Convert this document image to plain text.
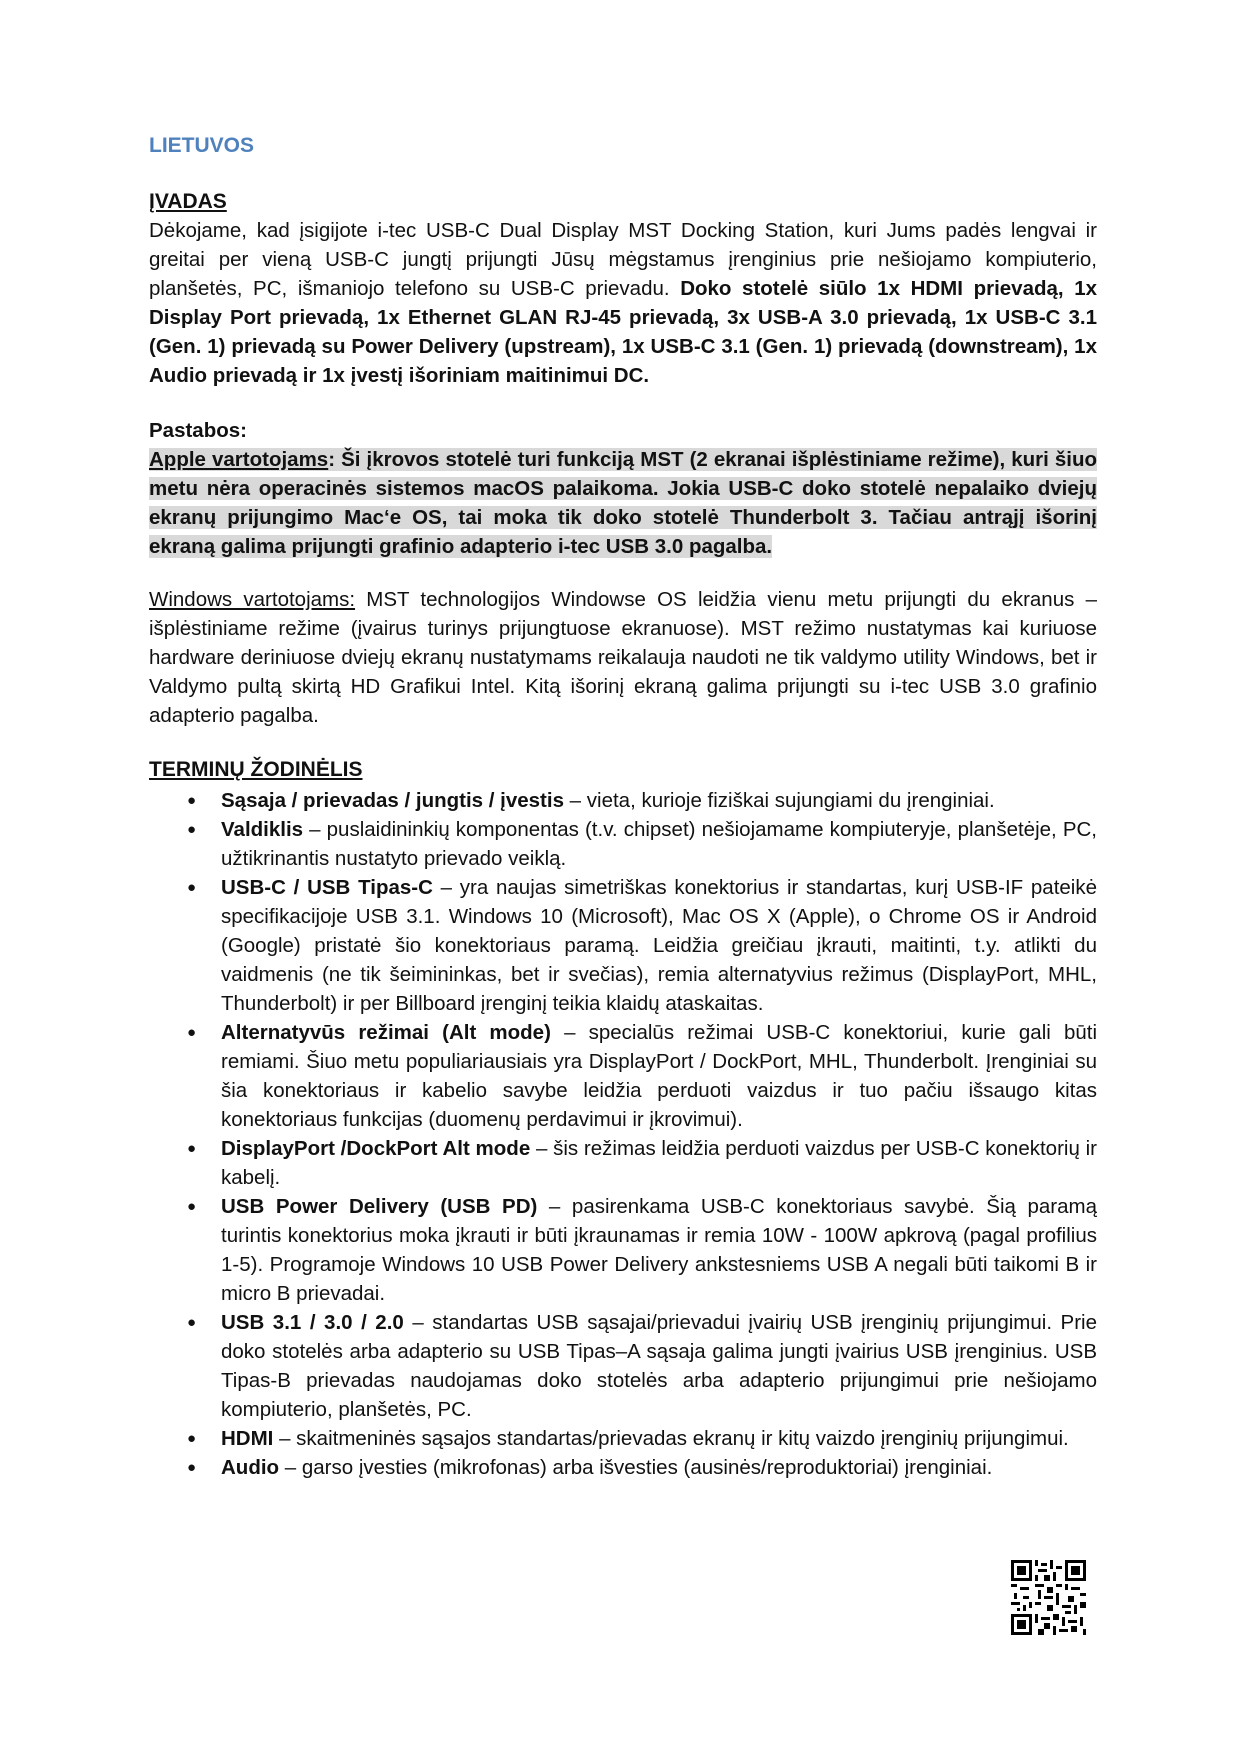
LIETUVOS
ĮVADAS

Dėkojame, kad įsigijote i-tec USB-C Dual Display MST Docking Station, kuri Jums padės lengvai ir greitai per vieną USB-C jungtį prijungti Jūsų mėgstamus įrenginius prie nešiojamo kompiuterio, planšetės, PC, išmaniojo telefono su USB-C prievadu. Doko stotelė siūlo 1x HDMI prievadą, 1x Display Port prievadą, 1x Ethernet GLAN RJ-45 prievadą, 3x USB-A 3.0 prievadą, 1x USB-C 3.1 (Gen. 1) prievadą su Power Delivery (upstream), 1x USB-C 3.1 (Gen. 1) prievadą (downstream), 1x Audio prievadą ir 1x įvestį išoriniam maitinimui DC.

Pastabos:

Apple vartotojams: Ši įkrovos stotelė turi funkciją MST (2 ekranai išplėstiniame režime), kuri šiuo metu nėra operacinės sistemos macOS palaikoma. Jokia USB-C doko stotelė nepalaiko dviejų ekranų prijungimo Mac‘e OS, tai moka tik doko stotelė Thunderbolt 3. Tačiau antrąjį išorinį ekraną galima prijungti grafinio adapterio i-tec USB 3.0 pagalba.

Windows vartotojams: MST technologijos Windowse OS leidžia vienu metu prijungti du ekranus – išplėstiniame režime (įvairus turinys prijungtuose ekranuose). MST režimo nustatymas kai kuriuose hardware deriniuose dviejų ekranų nustatymams reikalauja naudoti ne tik valdymo utility Windows, bet ir Valdymo pultą skirtą HD Grafikui Intel. Kitą išorinį ekraną galima prijungti su i-tec USB 3.0 grafinio adapterio pagalba.

TERMINŲ ŽODINĖLIS
● Sąsaja / prievadas / jungtis / įvestis – vieta, kurioje fiziškai sujungiami du įrenginiai.
● Valdiklis – puslaidininkių komponentas (t.v. chipset) nešiojamame kompiuteryje, planšetėje, PC, užtikrinantis nustatyto prievado veiklą.
● USB-C / USB Tipas-C – yra naujas simetriškas konektorius ir standartas, kurį USB-IF pateikė specifikacijoje USB 3.1. Windows 10 (Microsoft), Mac OS X (Apple), o Chrome OS ir Android (Google) pristatė šio konektoriaus paramą. Leidžia greičiau įkrauti, maitinti, t.y. atlikti du vaidmenis (ne tik šeimininkas, bet ir svečias), remia alternatyvius režimus (DisplayPort, MHL, Thunderbolt) ir per Billboard įrenginį teikia klaidų ataskaitas.
● Alternatyvūs režimai (Alt mode) – specialūs režimai USB-C konektoriui, kurie gali būti remiami. Šiuo metu populiariausiais yra DisplayPort / DockPort, MHL, Thunderbolt. Įrenginiai su šia konektoriaus ir kabelio savybe leidžia perduoti vaizdus ir tuo pačiu išsaugo kitas konektoriaus funkcijas (duomenų perdavimui ir įkrovimui).
● DisplayPort /DockPort Alt mode – šis režimas leidžia perduoti vaizdus per USB-C konektorių ir kabelį.
● USB Power Delivery (USB PD) – pasirenkama USB-C konektoriaus savybė. Šią paramą turintis konektorius moka įkrauti ir būti įkraunamas ir remia 10W - 100W apkrovą (pagal profilius 1-5). Programoje Windows 10 USB Power Delivery ankstesniems USB A negali būti taikomi B ir micro B prievadai.
● USB 3.1 / 3.0 / 2.0 – standartas USB sąsajai/prievadui įvairių USB įrenginių prijungimui. Prie doko stotelės arba adapterio su USB Tipas–A sąsaja galima jungti įvairius USB įrenginius. USB Tipas-B prievadas naudojamas doko stotelės arba adapterio prijungimui prie nešiojamo kompiuterio, planšetės, PC.
● HDMI – skaitmeninės sąsajos standartas/prievadas ekranų ir kitų vaizdo įrenginių prijungimui.
● Audio – garso įvesties (mikrofonas) arba išvesties (ausinės/reproduktoriai) įrenginiai.
